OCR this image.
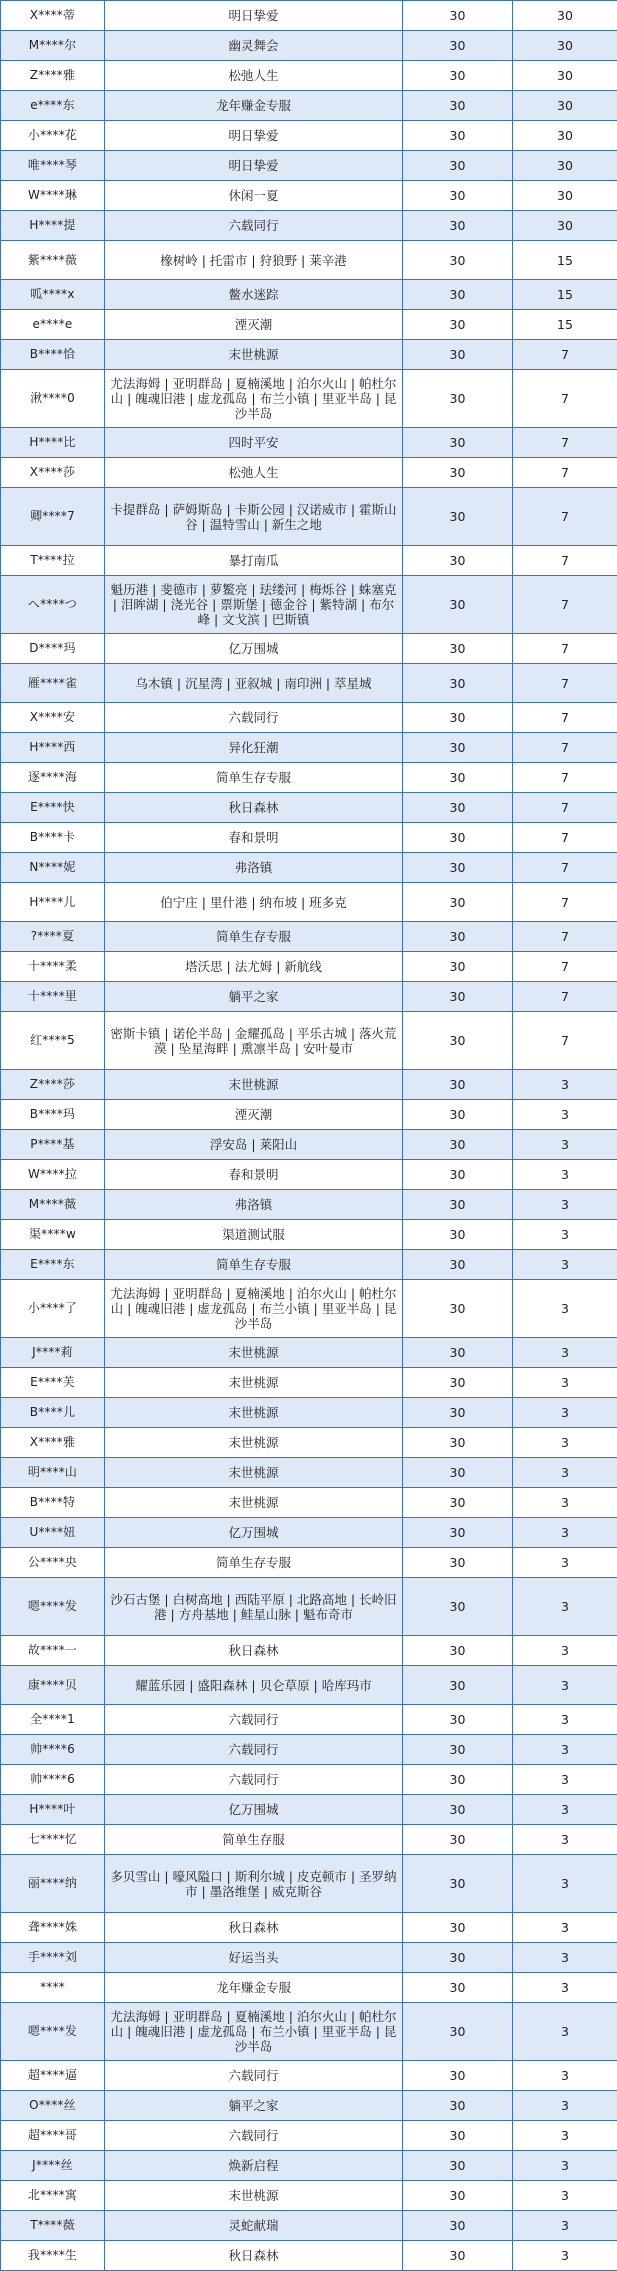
X****蒂	明日挚爱	30	30
M****尔	幽灵舞会	30	30
Z****雅	松弛人生	30	30
e****东	龙年赚金专服	30	30
小****花	明日挚爱	30	30
唯****琴	明日挚爱	30	30
W****琳	休闲一夏	30	30
H****提	六载同行	30	30
紫****薇	橡树岭 | 托雷市 | 狩狼野 | 莱辛港	30	15
呱****x	鳖水迷踪	30	15
e****e	湮灭潮	30	15
B****恰	末世桃源	30	7
湫****0	尤法海姆 | 亚明群岛 | 夏楠溪地 | 泊尔火山 | 帕杜尔山 | 魄魂旧港 | 虚龙孤岛 | 布兰小镇 | 里亚半岛 | 昆沙半岛	30	7
H****比	四时平安	30	7
X****莎	松弛人生	30	7
卿****7	卡提群岛 | 萨姆斯岛 | 卡斯公园 | 汉诺威市 | 霍斯山谷 | 温特雪山 | 新生之地	30	7
T****拉	暴打南瓜	30	7
へ****つ	魁历港 | 斐德市 | 萝鳘亮 | 珐缕河 | 梅烁谷 | 蛛塞克 | 泪眸湖 | 浇光谷 | 票斯堡 | 德金谷 | 紫特湖 | 布尔峰 | 文戈滨 | 巴斯镇	30	7
D****玛	亿万围城	30	7
雁****雀	乌木镇 | 沉星湾 | 亚叙城 | 南印洲 | 萃星城	30	7
X****安	六载同行	30	7
H****西	异化狂潮	30	7
逐****海	简单生存专服	30	7
E****快	秋日森林	30	7
B****卡	春和景明	30	7
N****妮	弗洛镇	30	7
H****儿	伯宁庄 | 里什港 | 纳布坡 | 班多克	30	7
?****夏	简单生存专服	30	7
十****柔	塔沃思 | 法尤姆 | 新航线	30	7
十****里	躺平之家	30	7
红****5	密斯卡镇 | 诺伦半岛 | 金耀孤岛 | 平乐古城 | 落火荒漠 | 坠星海畔 | 熏凛半岛 | 安叶曼市	30	7
Z****莎	末世桃源	30	3
B****玛	湮灭潮	30	3
P****基	浮安岛 | 莱阳山	30	3
W****拉	春和景明	30	3
M****薇	弗洛镇	30	3
渠****w	渠道测试服	30	3
E****东	简单生存专服	30	3
小****了	尤法海姆 | 亚明群岛 | 夏楠溪地 | 泊尔火山 | 帕杜尔山 | 魄魂旧港 | 虚龙孤岛 | 布兰小镇 | 里亚半岛 | 昆沙半岛	30	3
J****莉	末世桃源	30	3
E****芙	末世桃源	30	3
B****儿	末世桃源	30	3
X****雅	末世桃源	30	3
明****山	末世桃源	30	3
B****特	末世桃源	30	3
U****妞	亿万围城	30	3
公****央	简单生存专服	30	3
嗯****发	沙石古堡 | 白树高地 | 西陆平原 | 北路高地 | 长岭旧港 | 方舟基地 | 鲑星山脉 | 魁布奇市	30	3
故****一	秋日森林	30	3
康****贝	耀蓝乐园 | 盛阳森林 | 贝仑草原 | 哈库玛市	30	3
全****1	六载同行	30	3
帅****6	六载同行	30	3
帅****6	六载同行	30	3
H****叶	亿万围城	30	3
七****忆	简单生存服	30	3
丽****纳	多贝雪山 | 嚎风隘口 | 斯利尔城 | 皮克顿市 | 圣罗纳市 | 墨洛维堡 | 威克斯谷	30	3
聋****姝	秋日森林	30	3
手****刘	好运当头	30	3
****	龙年赚金专服	30	3
嗯****发	尤法海姆 | 亚明群岛 | 夏楠溪地 | 泊尔火山 | 帕杜尔山 | 魄魂旧港 | 虚龙孤岛 | 布兰小镇 | 里亚半岛 | 昆沙半岛	30	3
超****逼	六载同行	30	3
O****丝	躺平之家	30	3
超****哥	六载同行	30	3
J****丝	焕新启程	30	3
北****寓	末世桃源	30	3
T****薇	灵蛇献瑞	30	3
我****生	秋日森林	30	3
